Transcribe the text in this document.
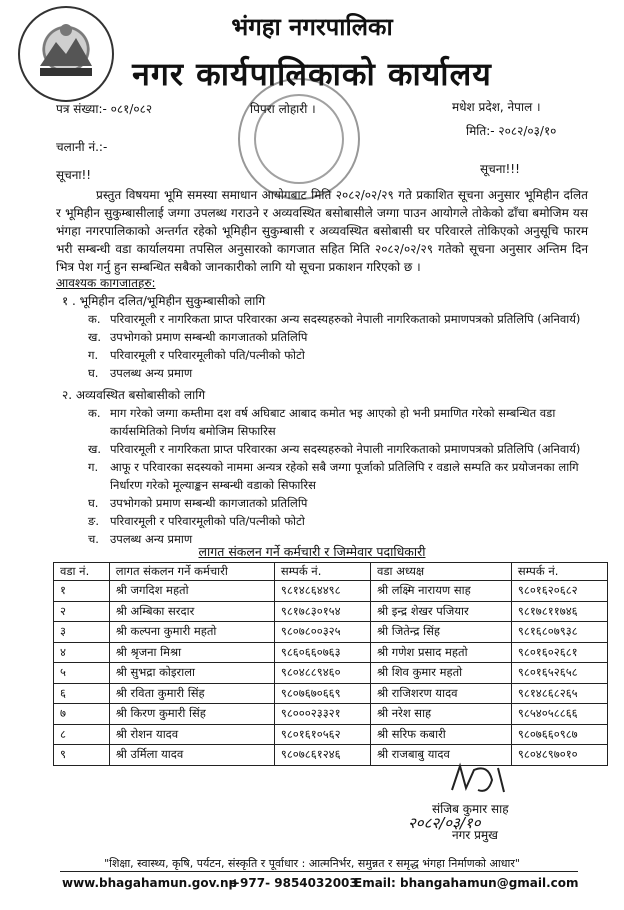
भंगहा नगरपालिका
नगर कार्यपालिकाको कार्यालय
पत्र संख्या:- ०८१/०८२	पिपरा लोहारी ।	मधेश प्रदेश, नेपाल ।
चलानी नं.:-
मिति:- २०८२/०३/१०
सूचना!!	सूचना!!!
प्रस्तुत विषयमा भूमि समस्या समाधान आयोगबाट मिति २०८२/०२/२९ गते प्रकाशित सूचना अनुसार भूमिहीन दलित र भूमिहीन सुकुम्बासीलाई जग्गा उपलब्ध गराउने र अव्यवस्थित बसोबासीले जग्गा पाउन आयोगले तोकेको ढाँचा बमोजिम यस भंगहा नगरपालिकाको अन्तर्गत रहेको भूमिहीन सुकुम्बासी र अव्यवस्थित बसोबासी घर परिवारले तोकिएको अनुसूचि फारम भरी सम्बन्धी वडा कार्यालयमा तपसिल अनुसारको कागजात सहित मिति २०८२/०२/२९ गतेको सूचना अनुसार अन्तिम दिन भित्र पेश गर्नु हुन सम्बन्धित सबैको जानकारीको लागि यो सूचना प्रकाशन गरिएको छ ।
आवश्यक कागजातहरु:
१ . भूमिहीन दलित/भूमिहीन सुकुम्बासीको लागि
क. परिवारमूली र नागरिकता प्राप्त परिवारका अन्य सदस्यहरुको नेपाली नागरिकताको प्रमाणपत्रको प्रतिलिपि (अनिवार्य)
ख. उपभोगको प्रमाण सम्बन्धी कागजातको प्रतिलिपि
ग. परिवारमूली र परिवारमूलीको पति/पत्नीको फोटो
घ. उपलब्ध अन्य प्रमाण
२. अव्यवस्थित बसोबासीको लागि
क. माग गरेको जग्गा कम्तीमा दश वर्ष अघिबाट आबाद कमोत भइ आएको हो भनी प्रमाणित गरेको सम्बन्धित वडा कार्यसमितिको निर्णय बमोजिम सिफारिस
ख. परिवारमूली र नागरिकता प्राप्त परिवारका अन्य सदस्यहरुको नेपाली नागरिकताको प्रमाणपत्रको प्रतिलिपि (अनिवार्य)
ग.	आफू र परिवारका सदस्यको नाममा अन्यत्र रहेको सबै जग्गा पूर्जाको प्रतिलिपि र वडाले सम्पति कर प्रयोजनका लागि निर्धारण गरेको मूल्याङ्कन सम्बन्धी वडाको सिफारिस
घ.	उपभोगको प्रमाण सम्बन्धी कागजातको प्रतिलिपि
ङ. परिवारमूली र परिवारमूलीको पति/पत्नीको फोटो
च. उपलब्ध अन्य प्रमाण
लागत संकलन गर्ने कर्मचारी र जिम्मेवार पदाधिकारी
वडा नं.	लागत संकलन गर्ने कर्मचारी	सम्पर्क नं.	वडा अध्यक्ष	सम्पर्क नं.
१	श्री जगदिश महतो	९८१४८६४४९८	श्री लक्ष्मि नारायण साह	९८०१६२०६८२
२	श्री अम्बिका सरदार	९८१७८३०१५४	श्री इन्द्र शेखर पजियार	९८१७८११७४६
३	श्री कल्पना कुमारी महतो	९८०७८००३२५	श्री जितेन्द्र सिंह	९८१६८०७९३८
४	श्री श्रृजना मिश्रा	९८६०६६०७६३	श्री गणेश प्रसाद महतो	९८०१६०२६८१
५	श्री सुभद्रा कोइराला	९८०४८८९४६०	श्री शिव कुमार महतो	९८०१६५२६५८
६	श्री रविता कुमारी सिंह	९८०७६७०६६९	श्री राजिशरण यादव	९८१४८६८२६५
७	श्री किरण कुमारी सिंह	९८०००२३३२१	श्री नरेश साह	९८५४०५८८६६
८	श्री रोशन यादव	९८०१६१०५६२	श्री सरिफ कबारी	९८०७६६०९८७
९	श्री उर्मिला यादव	९८०७८६१२४६	श्री राजबाबु यादव	९८०४८९७०१०
संजिब कुमार साह
२०८२/०३/१०
नगर प्रमुख
"शिक्षा, स्वास्थ्य, कृषि, पर्यटन, संस्कृति र पूर्वाधार : आत्मनिर्भर, समुन्नत र समृद्ध भंगहा निर्माणको आधार"
www.bhagahamun.gov.np
+977- 9854032003
Email: bhangahamun@gmail.com
